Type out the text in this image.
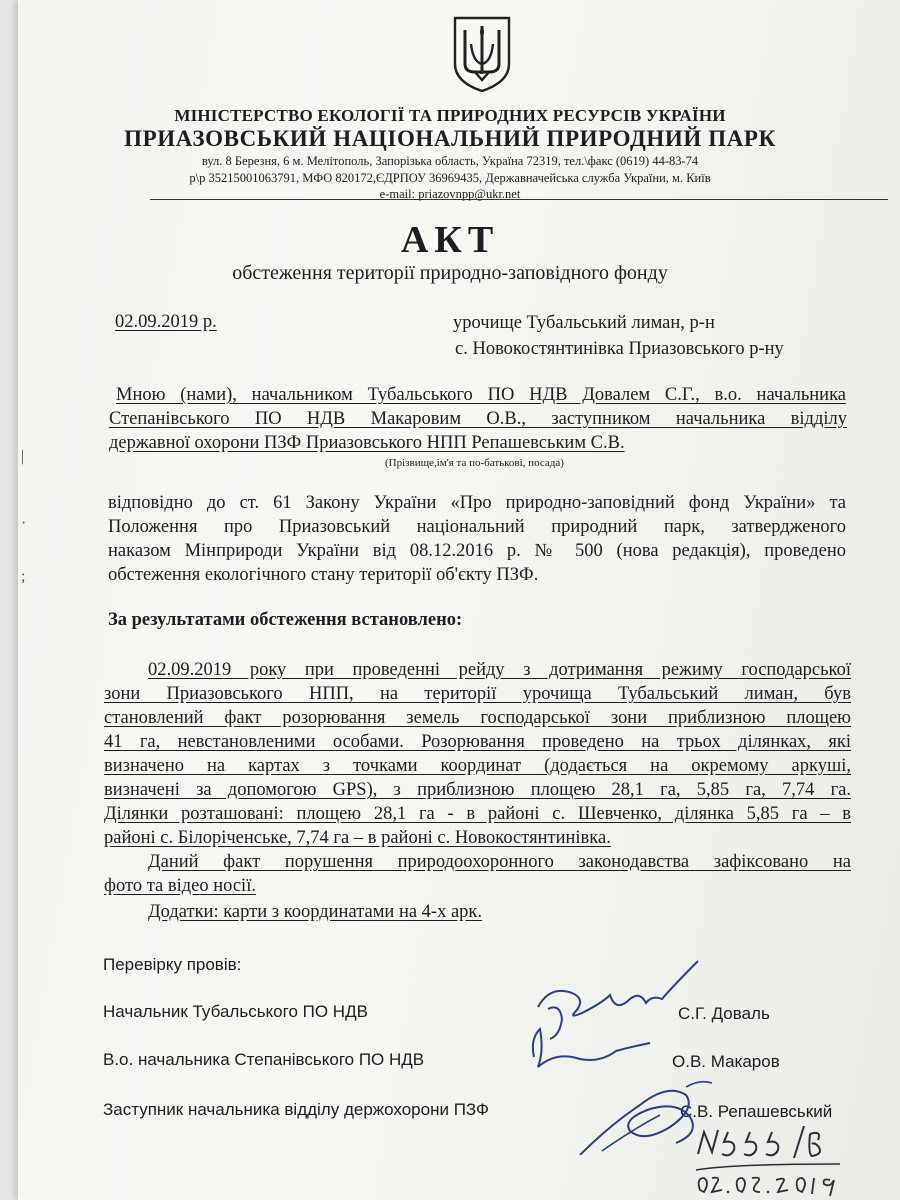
|
·
;
МІНІСТЕРСТВО ЕКОЛОГІЇ ТА ПРИРОДНИХ РЕСУРСІВ УКРАЇНИ
ПРИАЗОВСЬКИЙ НАЦІОНАЛЬНИЙ ПРИРОДНИЙ ПАРК
вул. 8 Березня, 6 м. Мелітополь, Запорізька область, Україна 72319, тел.\факс (0619) 44-83-74
р\р 35215001063791, МФО 820172,ЄДРПОУ 36969435, Державначейська служба України, м. Київ
e-mail: priazovnpp@ukr.net
АКТ
обстеження території природно-заповідного фонду
02.09.2019 р.	урочище Тубальський лиман, р-н
с. Новокостянтинівка Приазовського р-ну
Мною (нами), начальником Тубальського ПО НДВ Довалем С.Г., в.о. начальника
Степанівського ПО НДВ Макаровим О.В., заступником начальника відділу
державної охорони ПЗФ Приазовського НПП Репашевським С.В.
(Прізвище,ім'я та по-батькові, посада)
відповідно до ст. 61 Закону України «Про природно-заповідний фонд України» та
Положення про Приазовський національний природний парк, затвердженого
наказом Мінприроди України від 08.12.2016 р. № 500 (нова редакція), проведено
обстеження екологічного стану території об'єкту ПЗФ.
За результатами обстеження встановлено:
02.09.2019 року при проведенні рейду з дотримання режиму господарської
зони Приазовського НПП, на території урочища Тубальський лиман, був
становлений факт розорювання земель господарської зони приблизною площею
41 га, невстановленими особами. Розорювання проведено на трьох ділянках, які
визначено на картах з точками координат (додається на окремому аркуші,
визначені за допомогою GPS), з приблизною площею 28,1 га, 5,85 га, 7,74 га.
Ділянки розташовані: площею 28,1 га - в районі с. Шевченко, ділянка 5,85 га – в
районі с. Білоріченське, 7,74 га – в районі с. Новокостянтинівка.
Даний факт порушення природоохоронного законодавства зафіксовано на
фото та відео носії.
Додатки: карти з координатами на 4-х арк.
Перевірку провів:
Начальник Тубальського ПО НДВ	С.Г. Доваль
В.о. начальника Степанівського ПО НДВ	О.В. Макаров
Заступник начальника відділу держохорони ПЗФ	С.В. Репашевський
